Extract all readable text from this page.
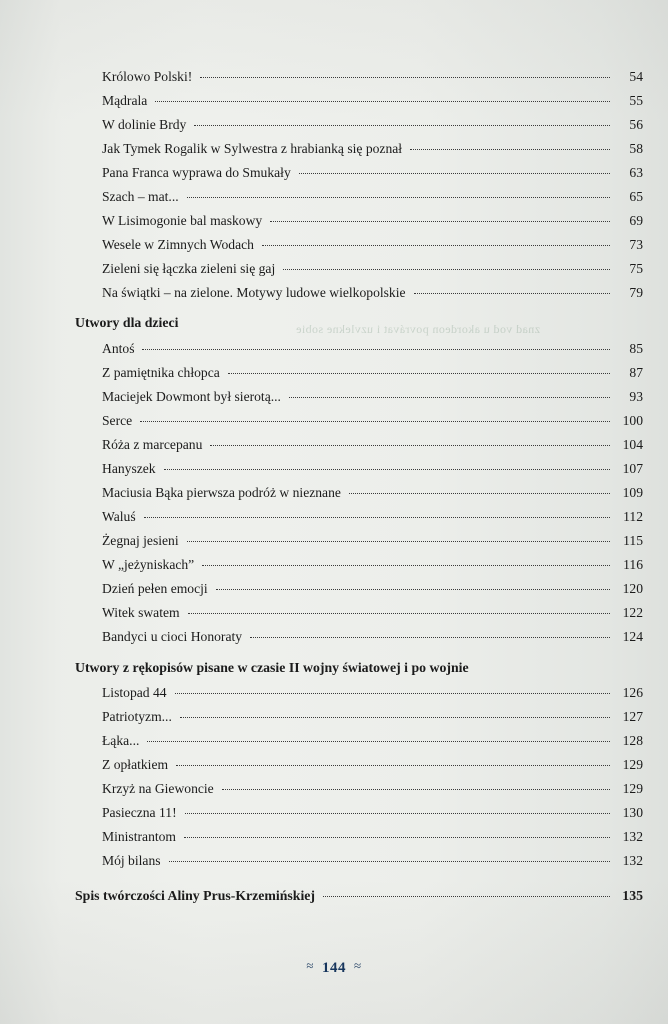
znad vod u akordeon povrávat i uzvlekne sobie
Królowo Polski!	54
Mądrala	55
W dolinie Brdy	56
Jak Tymek Rogalik w Sylwestra z hrabianką się poznał	58
Pana Franca wyprawa do Smukały	63
Szach – mat...	65
W Lisimogonie bal maskowy	69
Wesele w Zimnych Wodach	73
Zieleni się łączka zieleni się gaj	75
Na świątki – na zielone. Motywy ludowe wielkopolskie	79
Utwory dla dzieci
Antoś	85
Z pamiętnika chłopca	87
Maciejek Dowmont był sierotą...	93
Serce	100
Róża z marcepanu	104
Hanyszek	107
Maciusia Bąka pierwsza podróż w nieznane	109
Waluś	112
Żegnaj jesieni	115
W „jeżyniskach”	116
Dzień pełen emocji	120
Witek swatem	122
Bandyci u cioci Honoraty	124
Utwory z rękopisów pisane w czasie II wojny światowej i po wojnie
Listopad 44	126
Patriotyzm...	127
Łąka...	128
Z opłatkiem	129
Krzyż na Giewoncie	129
Pasieczna 11!	130
Ministrantom	132
Mój bilans	132
Spis twórczości Aliny Prus-Krzemińskiej	135
≈ 144 ≈
